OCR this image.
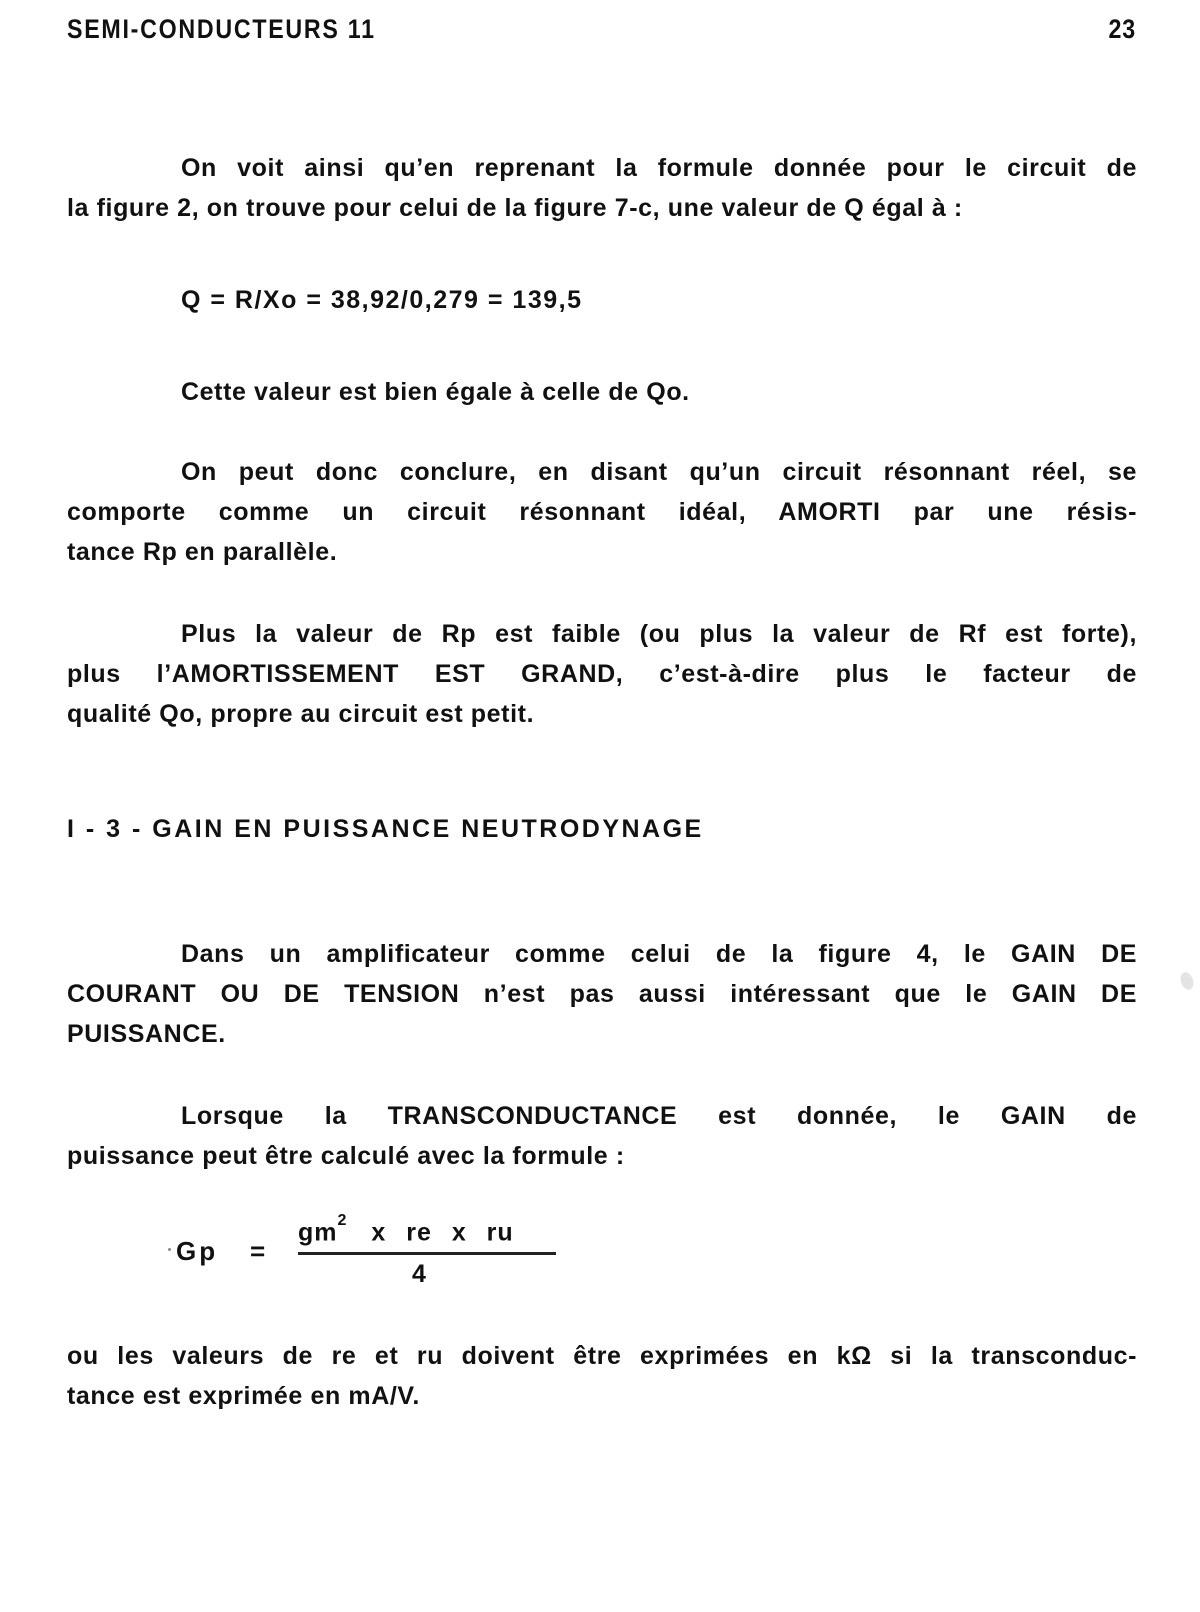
SEMI-CONDUCTEURS 11	23
On voit ainsi qu’en reprenant la formule donnée pour le circuit de
la figure 2, on trouve pour celui de la figure 7-c, une valeur de Q égal à :
Q = R/Xo = 38,92/0,279 = 139,5
Cette valeur est bien égale à celle de Qo.
On peut donc conclure, en disant qu’un circuit résonnant réel, se
comporte comme un circuit résonnant idéal, AMORTI par une résis-
tance Rp en parallèle.
Plus la valeur de Rp est faible (ou plus la valeur de Rf est forte),
plus l’AMORTISSEMENT EST GRAND, c’est-à-dire plus le facteur de
qualité Qo, propre au circuit est petit.
I - 3 - GAIN EN PUISSANCE NEUTRODYNAGE
Dans un amplificateur comme celui de la figure 4, le GAIN DE
COURANT OU DE TENSION n’est pas aussi intéressant que le GAIN DE
PUISSANCE.
Lorsque la TRANSCONDUCTANCE est donnée, le GAIN de
puissance peut être calculé avec la formule :
Gp =
$gm^2$ x re x ru
4
ou les valeurs de re et ru doivent être exprimées en kΩ si la transconduc-
tance est exprimée en mA/V.
